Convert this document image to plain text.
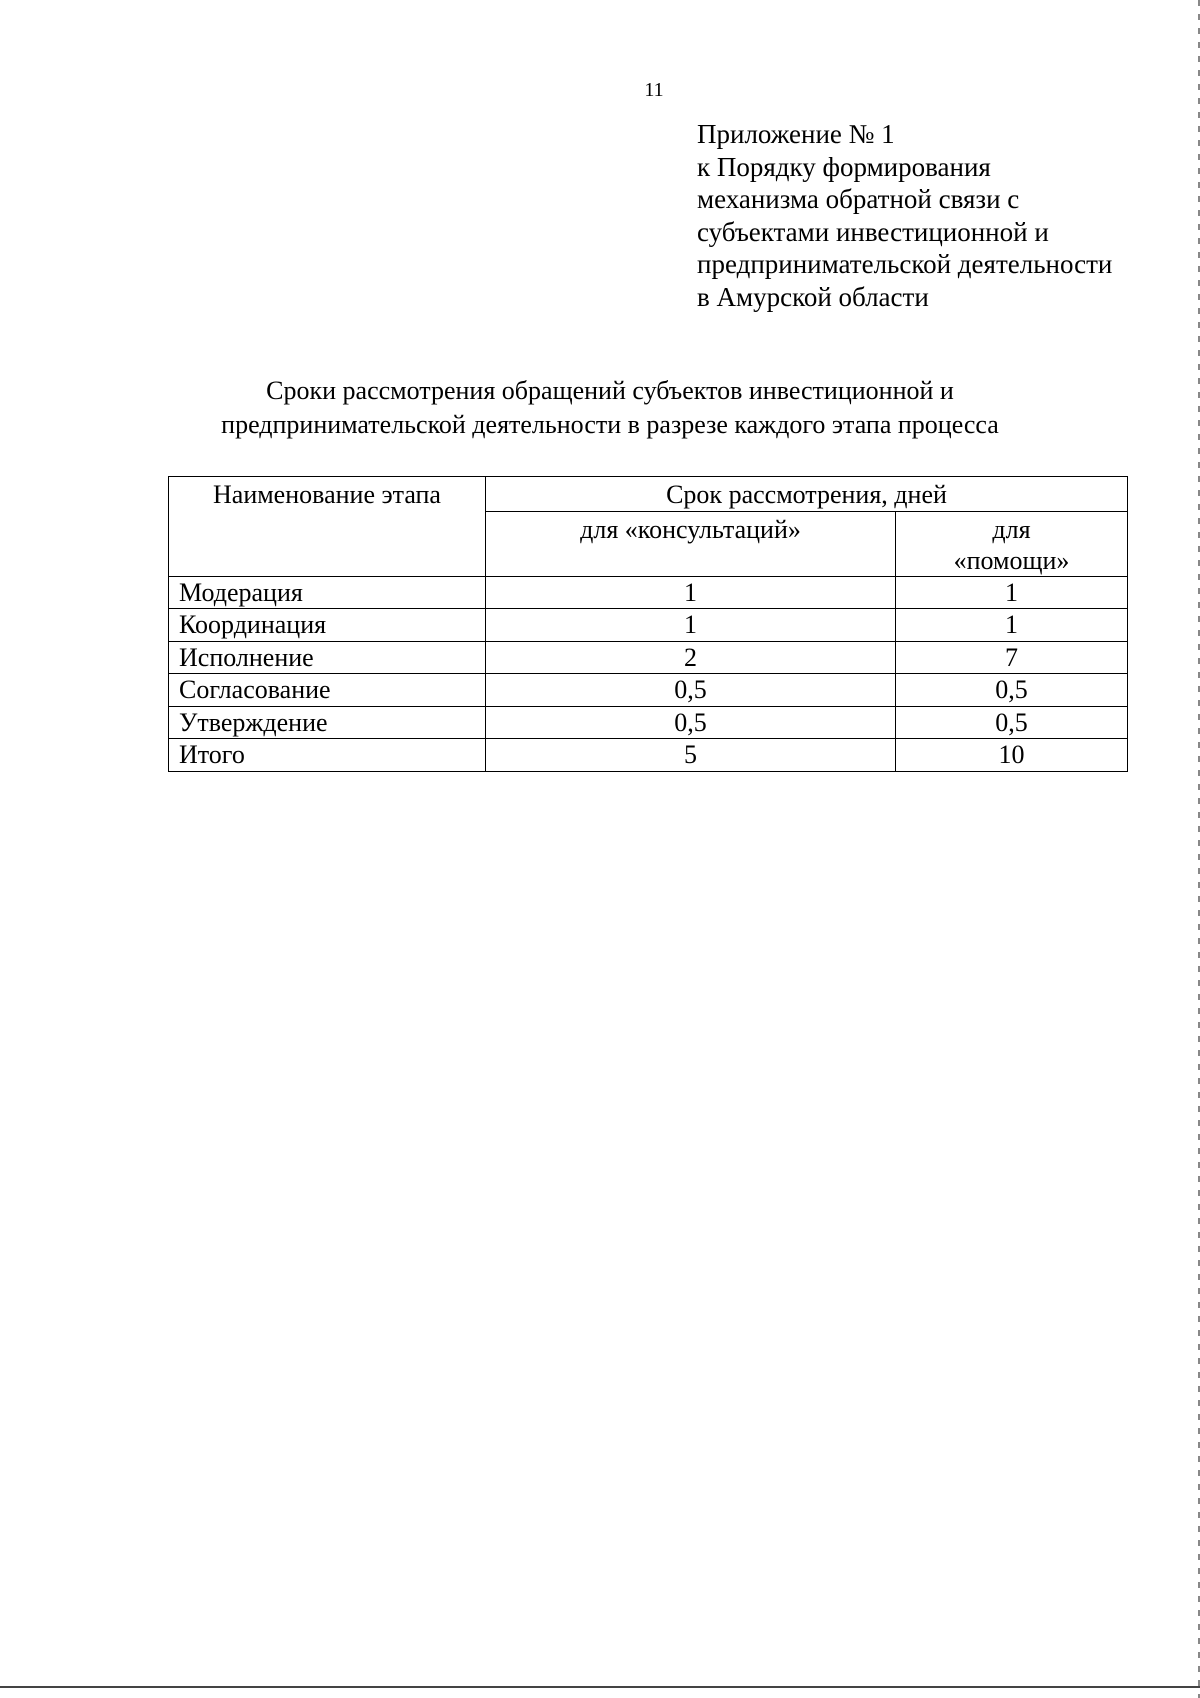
11
Приложение № 1
к Порядку формирования
механизма обратной связи с
субъектами инвестиционной и
предпринимательской деятельности
в Амурской области
Сроки рассмотрения обращений субъектов инвестиционной и
предпринимательской деятельности в разрезе каждого этапа процесса
Наименование этапа	Срок рассмотрения, дней	
	для «консультаций»	для
«помощи»

Модерация	1	1
Координация	1	1
Исполнение	2	7
Согласование	0,5	0,5
Утверждение	0,5	0,5
Итого	5	10
